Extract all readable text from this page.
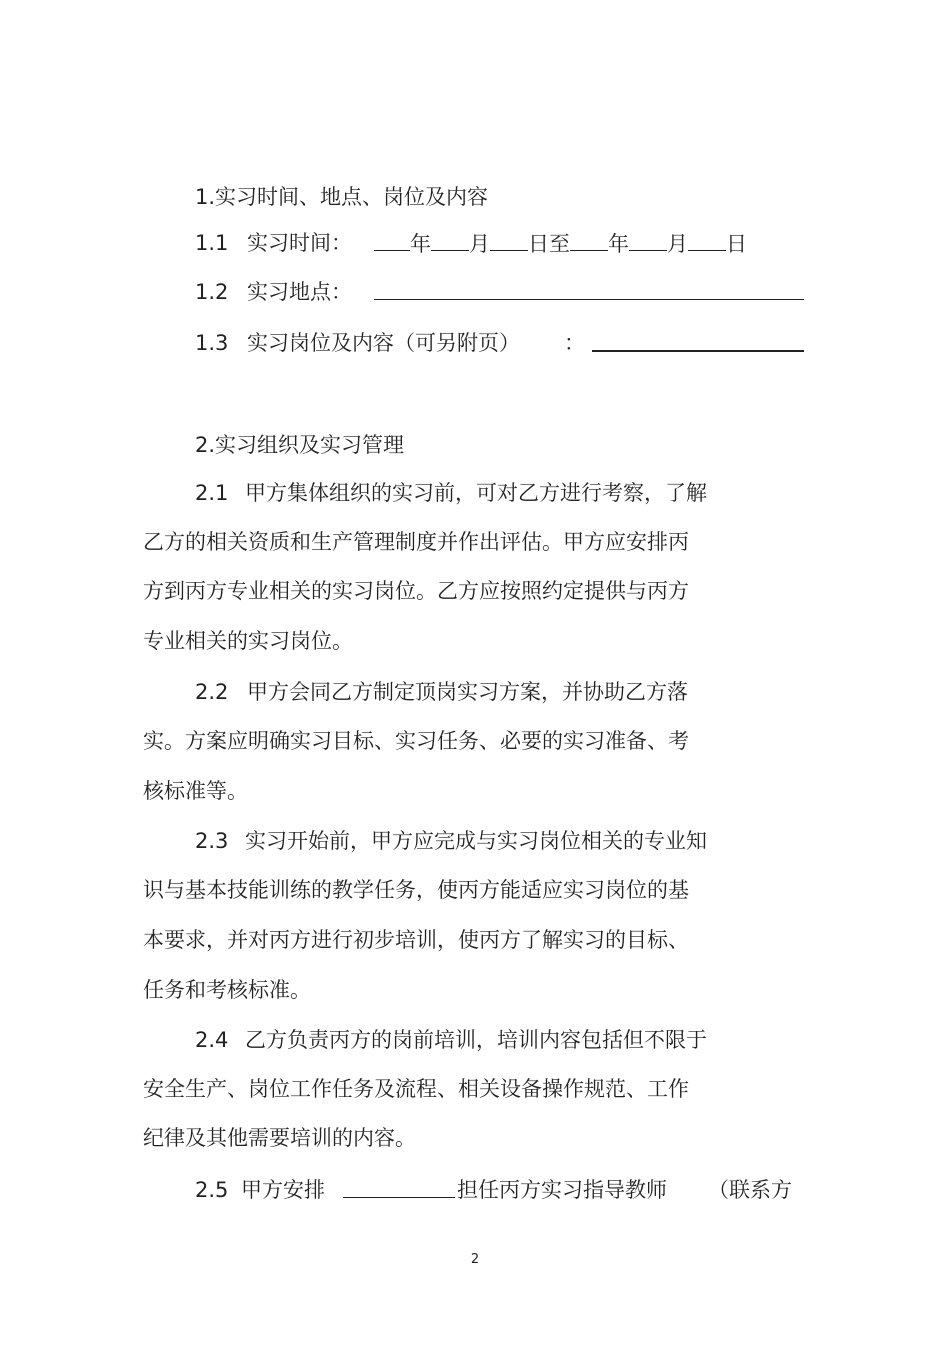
1.实习时间、地点、岗位及内容
1.1 实习时间：	年 月 日至 年 月 日
1.2 实习地点：
1.3 实习岗位及内容（可另附页） ：
2.实习组织及实习管理
2.1 甲方集体组织的实习前，可对乙方进行考察，了解
乙方的相关资质和生产管理制度并作出评估。甲方应安排丙
方到丙方专业相关的实习岗位。乙方应按照约定提供与丙方
专业相关的实习岗位。
2.2 甲方会同乙方制定顶岗实习方案，并协助乙方落
实。方案应明确实习目标、实习任务、必要的实习准备、考
核标准等。
2.3 实习开始前，甲方应完成与实习岗位相关的专业知
识与基本技能训练的教学任务，使丙方能适应实习岗位的基
本要求，并对丙方进行初步培训，使丙方了解实习的目标、
任务和考核标准。
2.4 乙方负责丙方的岗前培训，培训内容包括但不限于
安全生产、岗位工作任务及流程、相关设备操作规范、工作
纪律及其他需要培训的内容。
2.5 甲方安排	担任丙方实习指导教师 （联系方
2
